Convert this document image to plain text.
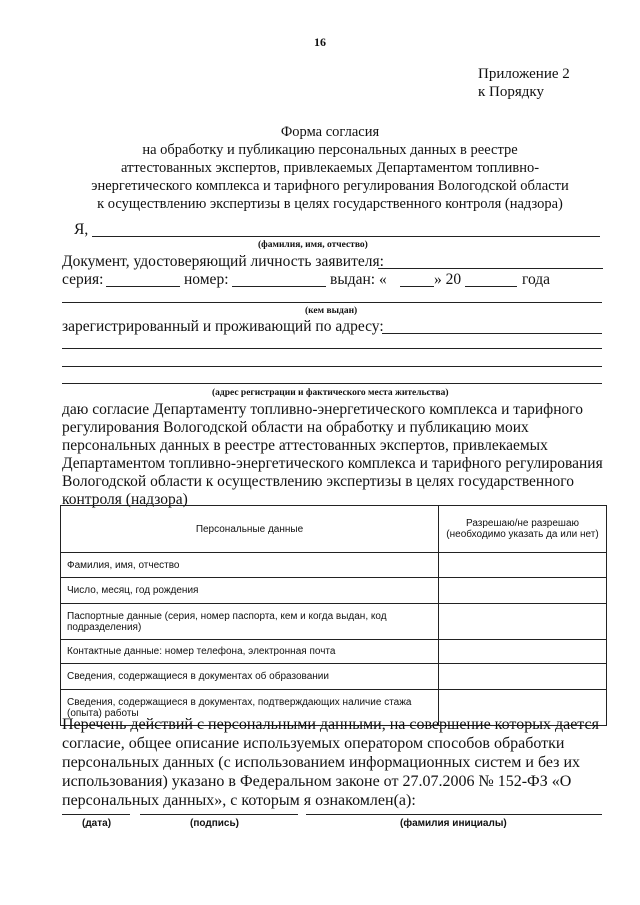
16
Приложение 2
к Порядку
Форма согласия
на обработку и публикацию персональных данных в реестре
аттестованных экспертов, привлекаемых Департаментом топливно-
энергетического комплекса и тарифного регулирования Вологодской области
к осуществлению экспертизы в целях государственного контроля (надзора)
Я,
(фамилия, имя, отчество)
Документ, удостоверяющий личность заявителя:
серия:	номер:	выдан: «	» 20	года
(кем выдан)
зарегистрированный и проживающий по адресу:
(адрес регистрации и фактического места жительства)
даю согласие Департаменту топливно-энергетического комплекса и тарифного
регулирования Вологодской области на обработку и публикацию моих
персональных данных в реестре аттестованных экспертов, привлекаемых
Департаментом топливно-энергетического комплекса и тарифного регулирования
Вологодской области к осуществлению экспертизы в целях государственного
контроля (надзора)
Персональные данные	Разрешаю/не разрешаю
(необходимо указать да или нет)

Фамилия, имя, отчество	
Число, месяц, год рождения	
Паспортные данные (серия, номер паспорта, кем и когда выдан, код подразделения)	
Контактные данные: номер телефона, электронная почта	
Сведения, содержащиеся в документах об образовании	
Сведения, содержащиеся в документах, подтверждающих наличие стажа (опыта) работы	
Перечень действий с персональными данными, на совершение которых дается
согласие, общее описание используемых оператором способов обработки
персональных данных (с использованием информационных систем и без их
использования) указано в Федеральном законе от 27.07.2006 № 152-ФЗ «О
персональных данных», с которым я ознакомлен(а):
(дата)	(подпись)	(фамилия инициалы)
